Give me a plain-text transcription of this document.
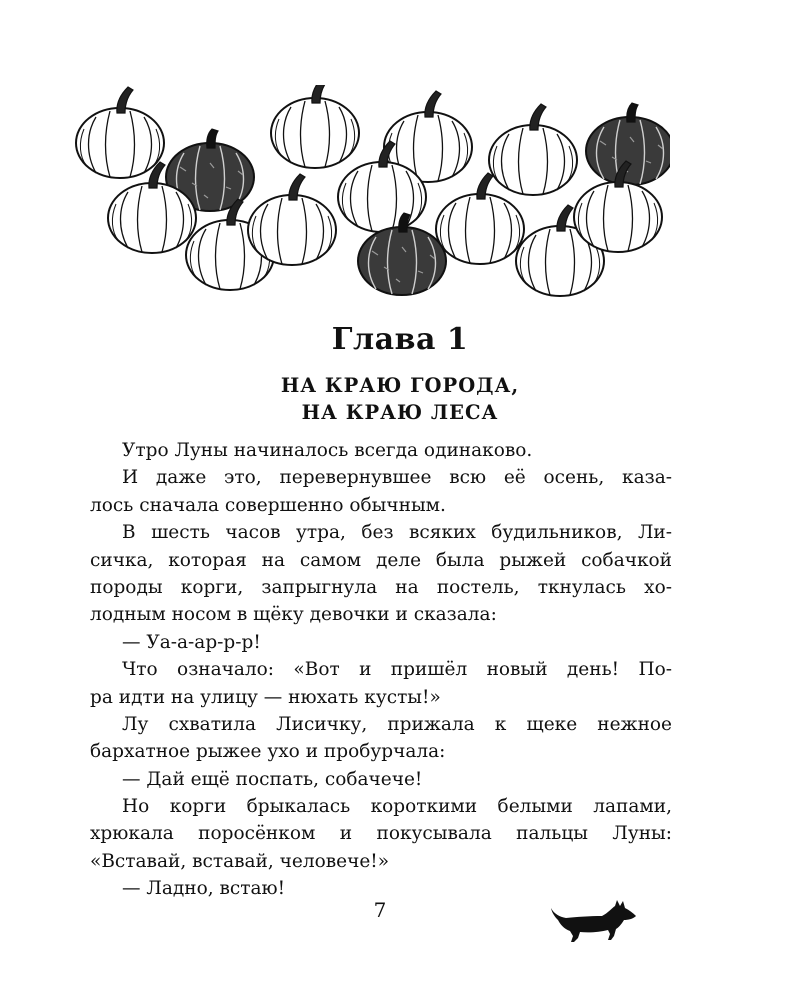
Глава 1
НА КРАЮ ГОРОДА,
НА КРАЮ ЛЕСА
Утро Луны начиналось всегда одинаково.
И даже это, перевернувшее всю её осень, каза-
лось сначала совершенно обычным.
В шесть часов утра, без всяких будильников, Ли-
сичка, которая на самом деле была рыжей собачкой
породы корги, запрыгнула на постель, ткнулась хо-
лодным носом в щёку девочки и сказала:
— Уа-а-ар-р-р!
Что означало: «Вот и пришёл новый день! По-
ра идти на улицу — нюхать кусты!»
Лу схватила Лисичку, прижала к щеке нежное
бархатное рыжее ухо и пробурчала:
— Дай ещё поспать, собачече!
Но корги брыкалась короткими белыми лапами,
хрюкала поросёнком и покусывала пальцы Луны:
«Вставай, вставай, человече!»
— Ладно, встаю!
7
